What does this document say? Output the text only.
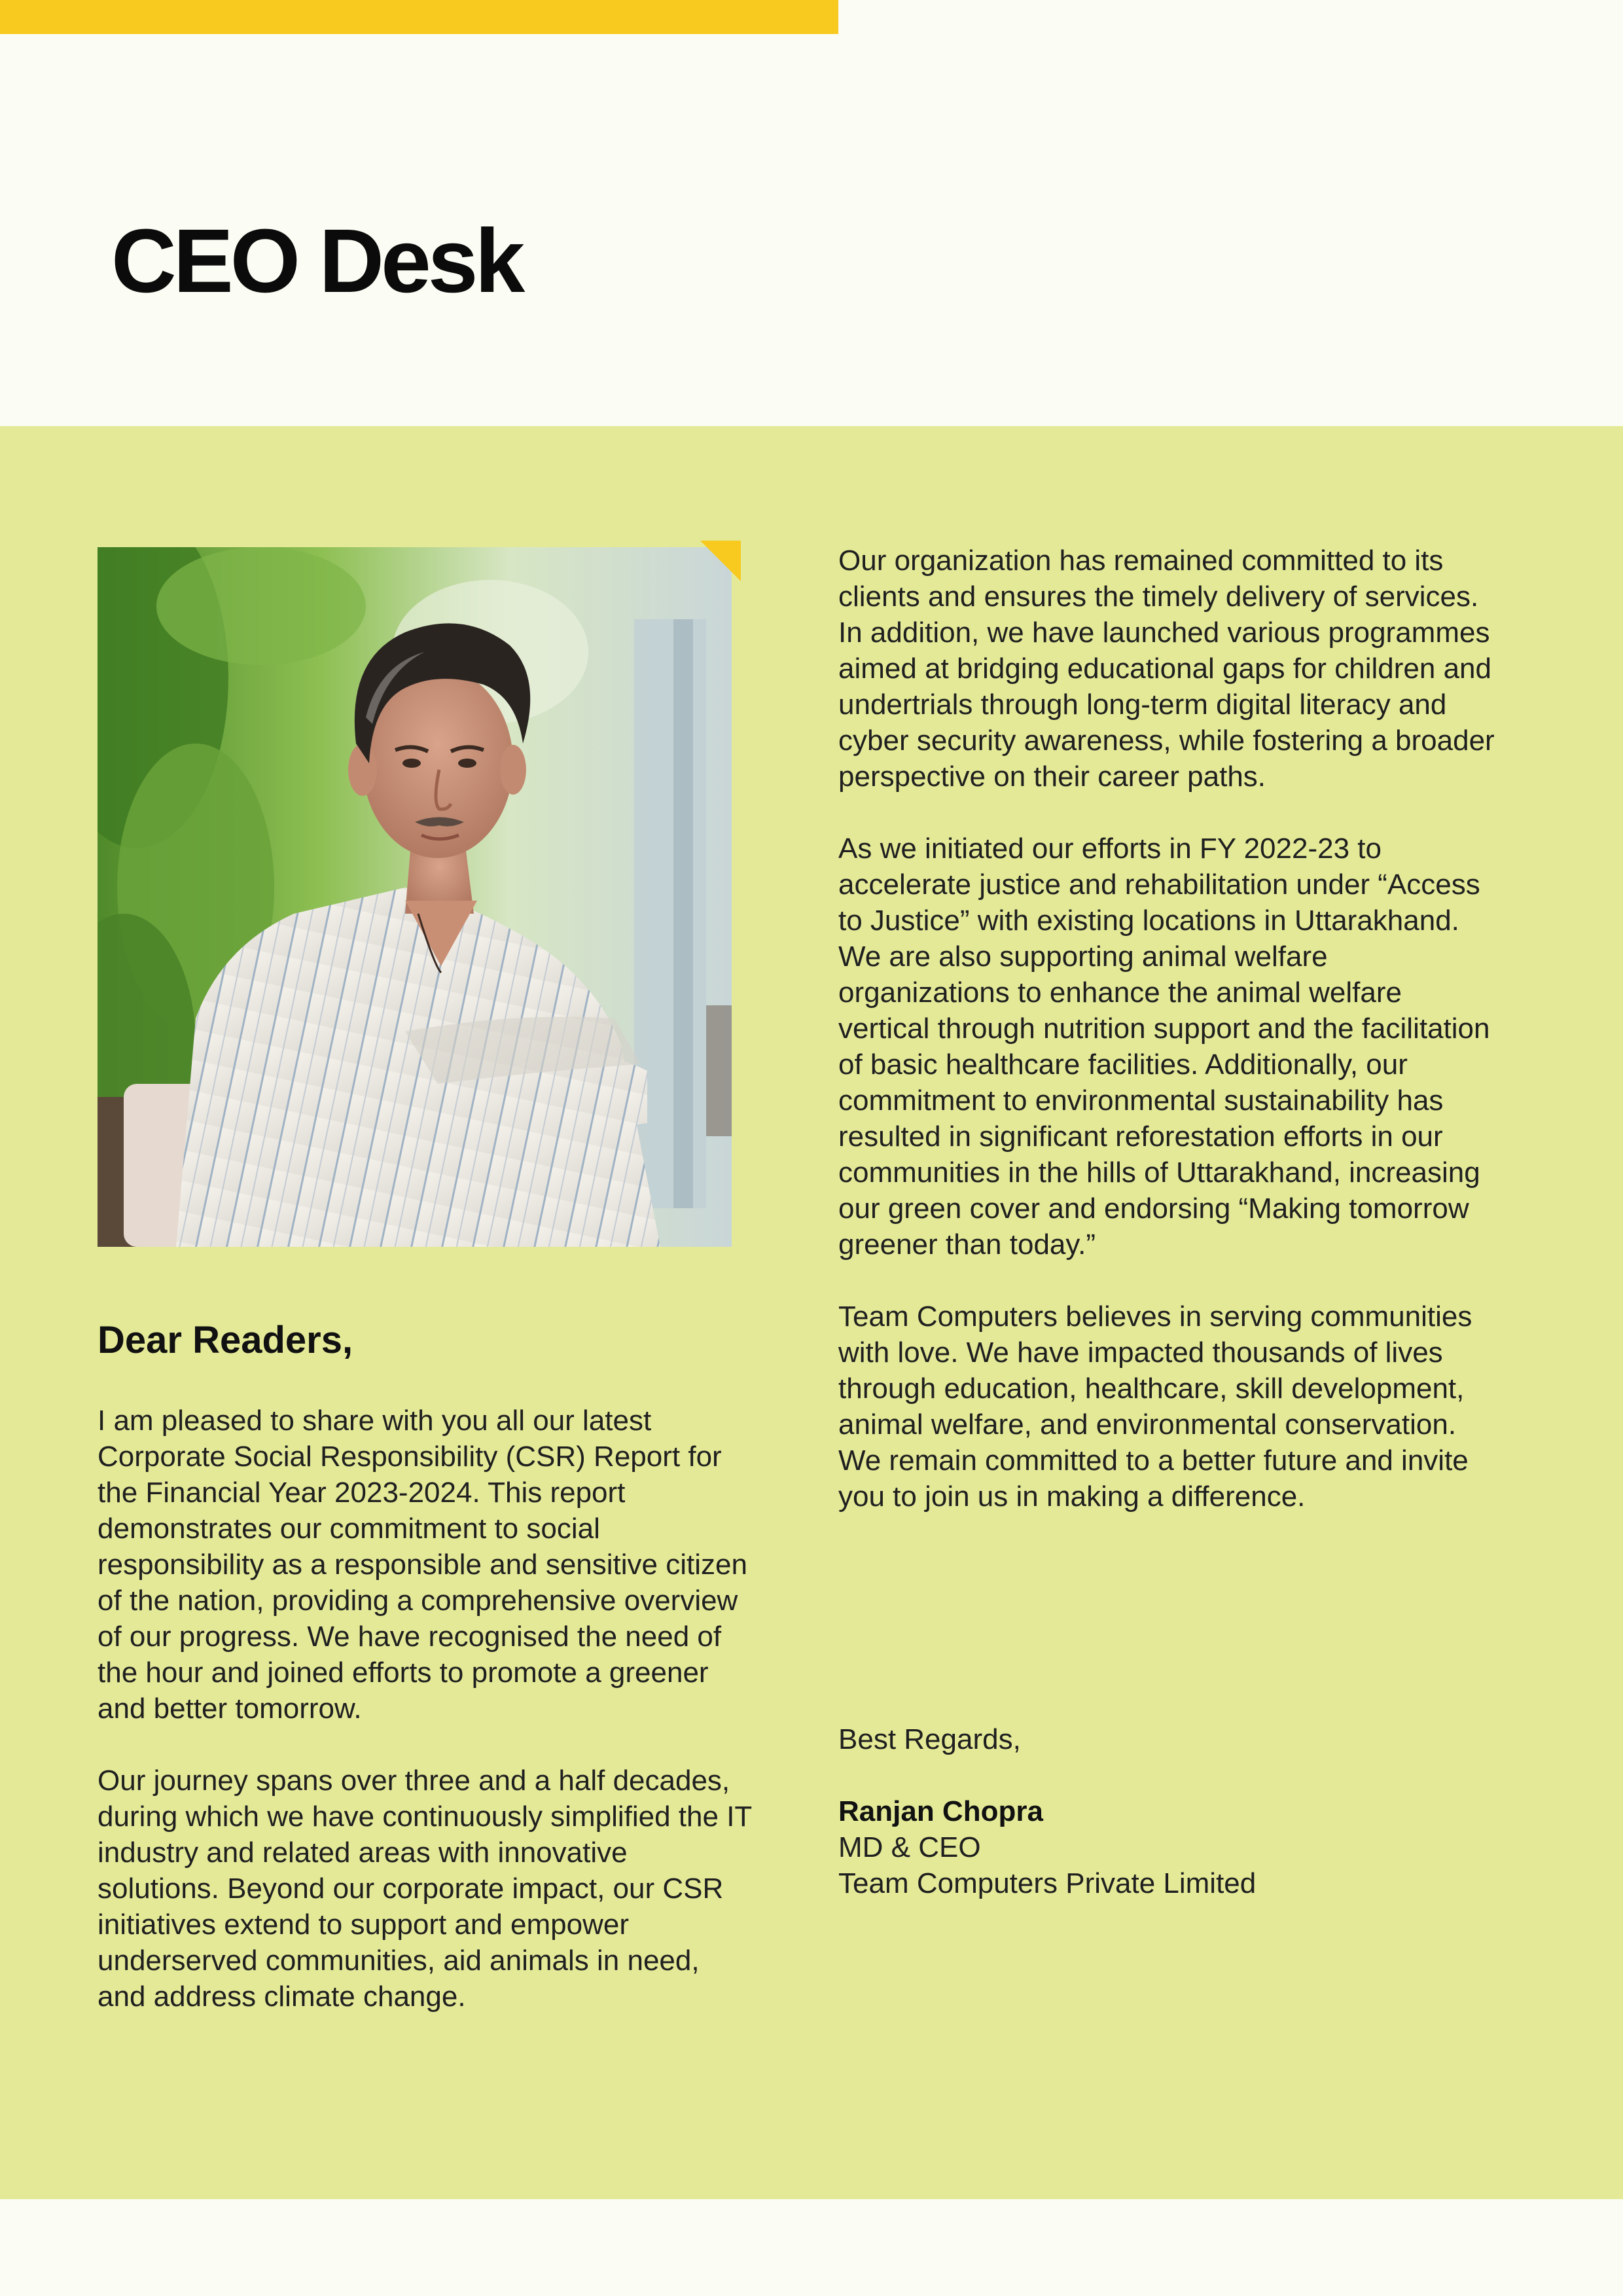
CEO Desk
Dear Readers,

I am pleased to share with you all our latest Corporate Social Responsibility (CSR) Report for the Financial Year 2023-2024. This report demonstrates our commitment to social responsibility as a responsible and sensitive citizen of the nation, providing a comprehensive overview of our progress. We have recognised the need of the hour and joined efforts to promote a greener and better tomorrow.

Our journey spans over three and a half decades, during which we have continuously simplified the IT industry and related areas with innovative solutions. Beyond our corporate impact, our CSR initiatives extend to support and empower underserved communities, aid animals in need, and address climate change.

Our organization has remained committed to its clients and ensures the timely delivery of services. In addition, we have launched various programmes aimed at bridging educational gaps for children and undertrials through long-term digital literacy and cyber security awareness, while fostering a broader perspective on their career paths.

As we initiated our efforts in FY 2022-23 to accelerate justice and rehabilitation under “Access to Justice” with existing locations in Uttarakhand. We are also supporting animal welfare organizations to enhance the animal welfare vertical through nutrition support and the facilitation of basic healthcare facilities. Additionally, our commitment to environmental sustainability has resulted in significant reforestation efforts in our communities in the hills of Uttarakhand, increasing our green cover and endorsing “Making tomorrow greener than today.”

Team Computers believes in serving communities with love. We have impacted thousands of lives through education, healthcare, skill development, animal welfare, and environmental conservation. We remain committed to a better future and invite you to join us in making a difference.

Best Regards,

Ranjan Chopra

MD & CEO

Team Computers Private Limited
